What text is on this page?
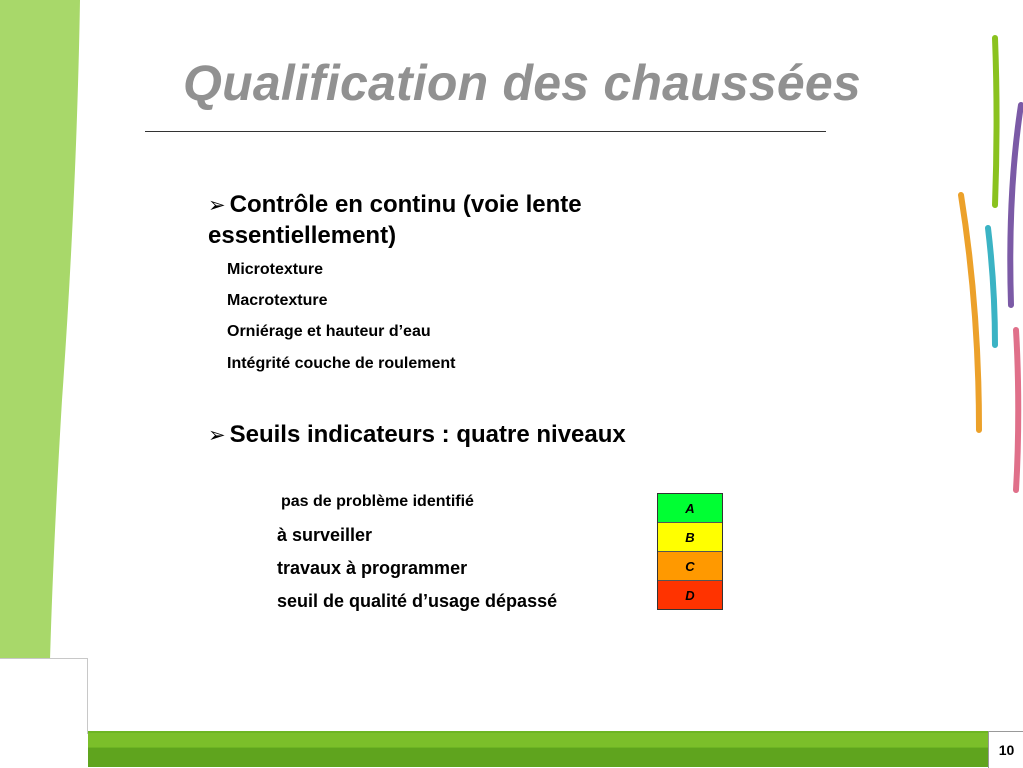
Qualification des chaussées
➢ Contrôle en continu (voie lente essentiellement)
Microtexture
Macrotexture
Orniérage et hauteur d’eau
Intégrité couche de roulement
➢ Seuils indicateurs : quatre niveaux
pas de problème identifié
à surveiller
travaux à programmer
seuil de qualité d’usage dépassé
A
B
C
D
10
